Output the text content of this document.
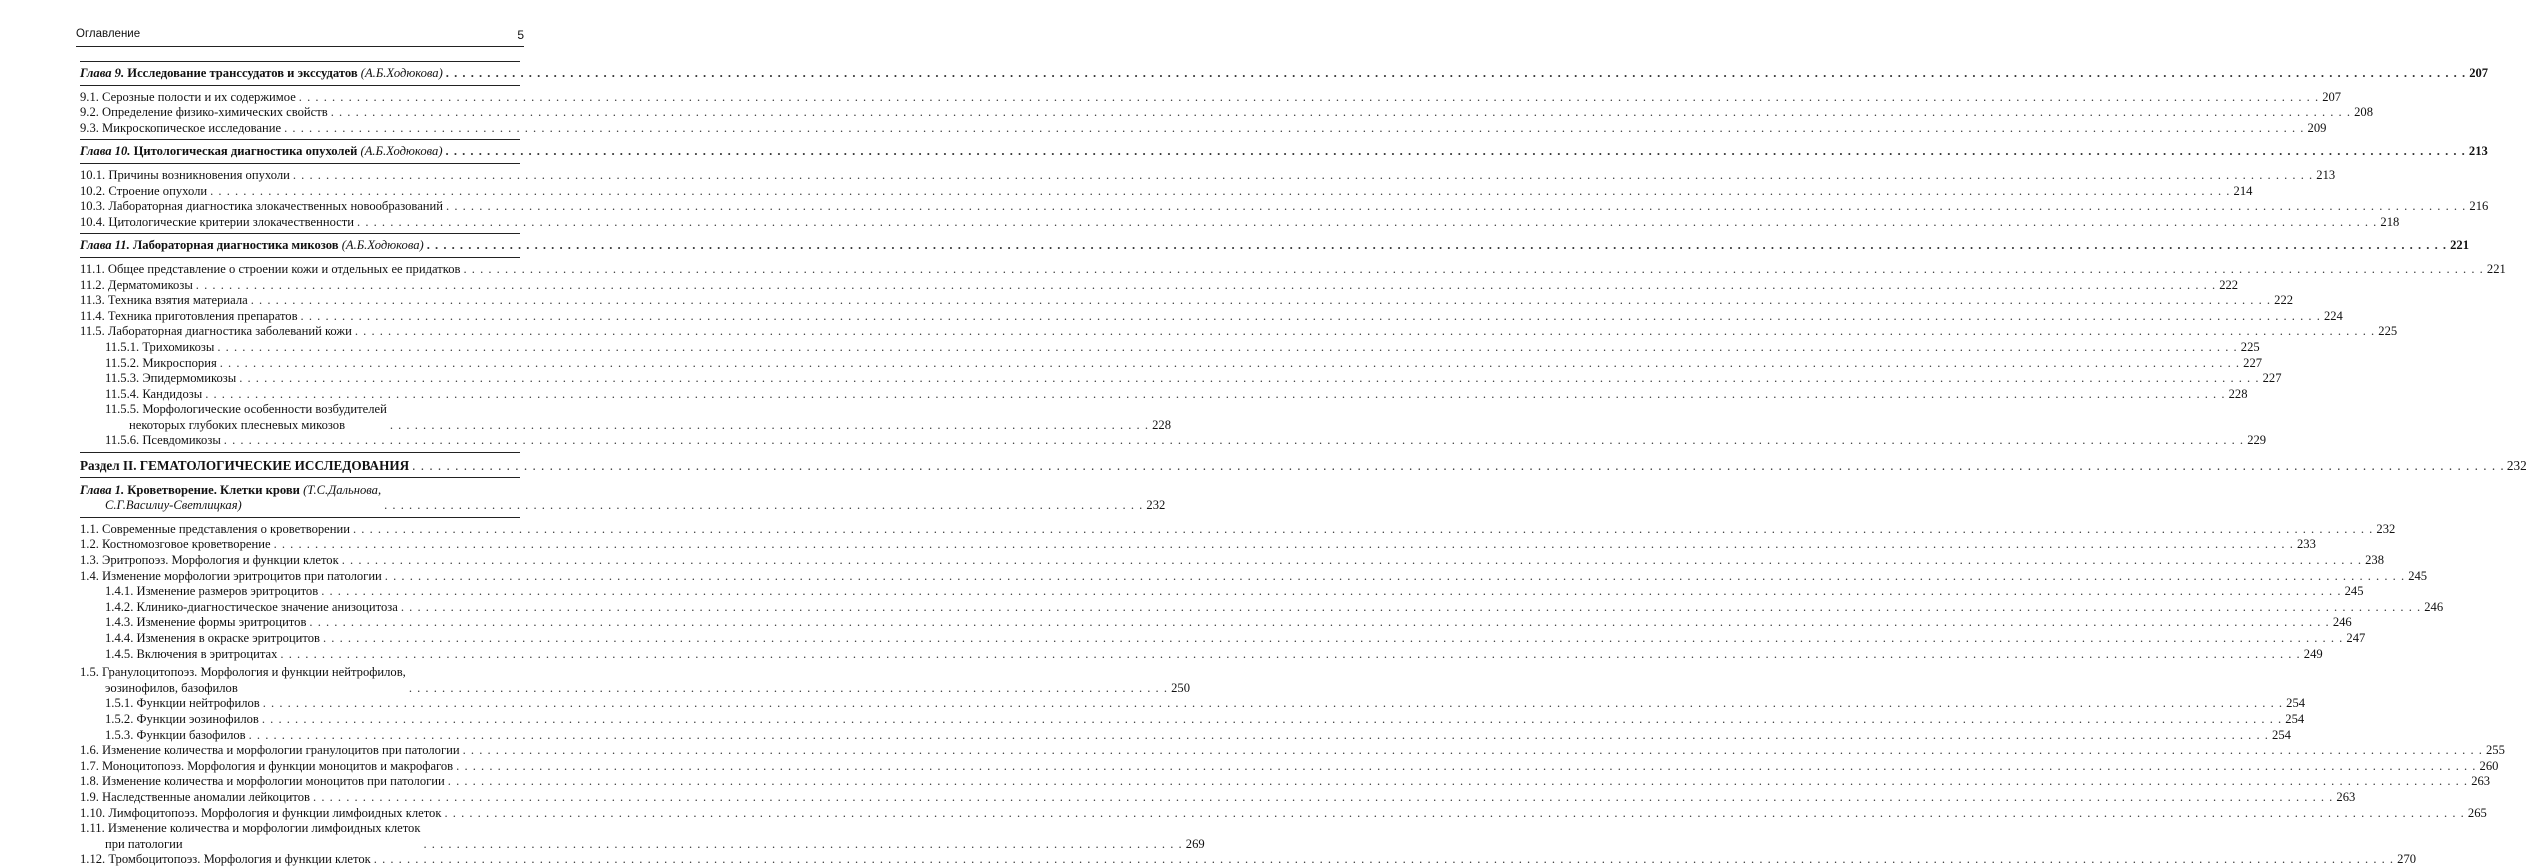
Оглавление	5
Глава 9. Исследование транссудатов и экссудатов (А.Б.Ходюкова) . . .	207
9.1. Серозные полости и их содержимое . . .	207
9.2. Определение физико-химических свойств . . .	208
9.3. Микроскопическое исследование . . .	209
Глава 10. Цитологическая диагностика опухолей (А.Б.Ходюкова) . . .	213
10.1. Причины возникновения опухоли . . .	213
10.2. Строение опухоли . . .	214
10.3. Лабораторная диагностика злокачественных новообразований . . .	216
10.4. Цитологические критерии злокачественности . . .	218
Глава 11. Лабораторная диагностика микозов (А.Б.Ходюкова) . . .	221
11.1. Общее представление о строении кожи и отдельных ее придатков . . .	221
11.2. Дерматомикозы . . .	222
11.3. Техника взятия материала . . .	222
11.4. Техника приготовления препаратов . . .	224
11.5. Лабораторная диагностика заболеваний кожи . . .	225
11.5.1. Трихомикозы . . .	225
11.5.2. Микроспория . . .	227
11.5.3. Эпидермомикозы . . .	227
11.5.4. Кандидозы . . .	228
11.5.5. Морфологические особенности возбудителей
некоторых глубоких плесневых микозов . . .	228
11.5.6. Псевдомикозы . . .	229
Раздел II. ГЕМАТОЛОГИЧЕСКИЕ ИССЛЕДОВАНИЯ . . .	232
Глава 1. Кроветворение. Клетки крови (Т.С.Дальнова,
С.Г.Василиу-Светлицкая) . . .	232
1.1. Современные представления о кроветворении . . .	232
1.2. Костномозговое кроветворение . . .	233
1.3. Эритропоэз. Морфология и функции клеток . . .	238
1.4. Изменение морфологии эритроцитов при патологии . . .	245
1.4.1. Изменение размеров эритроцитов . . .	245
1.4.2. Клинико-диагностическое значение анизоцитоза . . .	246
1.4.3. Изменение формы эритроцитов . . .	246
1.4.4. Изменения в окраске эритроцитов . . .	247
1.4.5. Включения в эритроцитах . . .	249
1.5. Гранулоцитопоэз. Морфология и функции нейтрофилов,
эозинофилов, базофилов . . .	250
1.5.1. Функции нейтрофилов . . .	254
1.5.2. Функции эозинофилов . . .	254
1.5.3. Функции базофилов . . .	254
1.6. Изменение количества и морфологии гранулоцитов при патологии . . .	255
1.7. Моноцитопоэз. Морфология и функции моноцитов и макрофагов . . .	260
1.8. Изменение количества и морфологии моноцитов при патологии . . .	263
1.9. Наследственные аномалии лейкоцитов . . .	263
1.10. Лимфоцитопоэз. Морфология и функции лимфоидных клеток . . .	265
1.11. Изменение количества и морфологии лимфоидных клеток
при патологии . . .	269
1.12. Тромбоцитопоэз. Морфология и функции клеток . . .	270
